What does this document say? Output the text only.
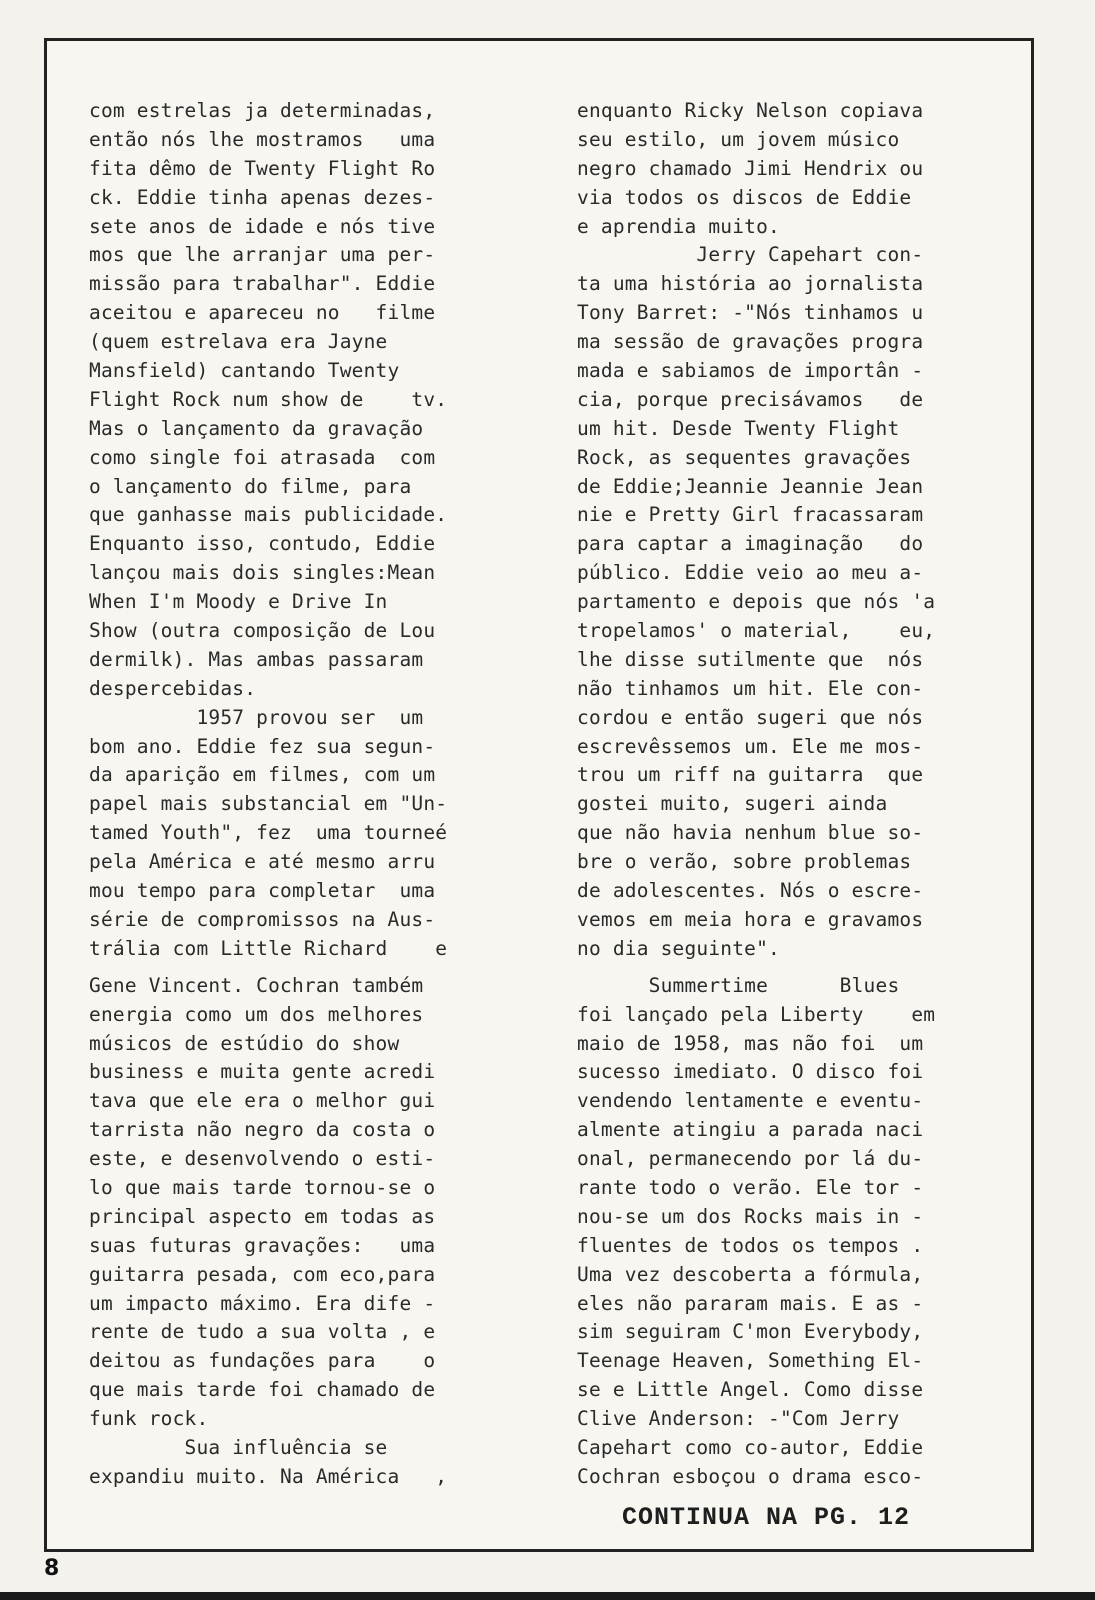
com estrelas ja determinadas,
então nós lhe mostramos   uma
fita dêmo de Twenty Flight Ro
ck. Eddie tinha apenas dezes-
sete anos de idade e nós tive
mos que lhe arranjar uma per-
missão para trabalhar". Eddie
aceitou e apareceu no   filme
(quem estrelava era Jayne
Mansfield) cantando Twenty
Flight Rock num show de    tv.
Mas o lançamento da gravação
como single foi atrasada  com
o lançamento do filme, para
que ganhasse mais publicidade.
Enquanto isso, contudo, Eddie
lançou mais dois singles:Mean
When I'm Moody e Drive In
Show (outra composição de Lou
dermilk). Mas ambas passaram
despercebidas.
1957 provou ser  um
bom ano. Eddie fez sua segun-
da aparição em filmes, com um
papel mais substancial em "Un-
tamed Youth", fez  uma tourneé
pela América e até mesmo arru
mou tempo para completar  uma
série de compromissos na Aus-
trália com Little Richard    e
Gene Vincent. Cochran também
energia como um dos melhores
músicos de estúdio do show
business e muita gente acredi
tava que ele era o melhor gui
tarrista não negro da costa o
este, e desenvolvendo o esti-
lo que mais tarde tornou-se o
principal aspecto em todas as
suas futuras gravações:   uma
guitarra pesada, com eco,para
um impacto máximo. Era dife -
rente de tudo a sua volta , e
deitou as fundações para    o
que mais tarde foi chamado de
funk rock.
Sua influência se
expandiu muito. Na América   ,
enquanto Ricky Nelson copiava
seu estilo, um jovem músico
negro chamado Jimi Hendrix ou
via todos os discos de Eddie
e aprendia muito.
Jerry Capehart con-
ta uma história ao jornalista
Tony Barret: -"Nós tinhamos u
ma sessão de gravações progra
mada e sabiamos de importân -
cia, porque precisávamos   de
um hit. Desde Twenty Flight
Rock, as sequentes gravações
de Eddie;Jeannie Jeannie Jean
nie e Pretty Girl fracassaram
para captar a imaginação   do
público. Eddie veio ao meu a-
partamento e depois que nós 'a
tropelamos' o material,    eu,
lhe disse sutilmente que  nós
não tinhamos um hit. Ele con-
cordou e então sugeri que nós
escrevêssemos um. Ele me mos-
trou um riff na guitarra  que
gostei muito, sugeri ainda
que não havia nenhum blue so-
bre o verão, sobre problemas
de adolescentes. Nós o escre-
vemos em meia hora e gravamos
no dia seguinte".
Summertime      Blues
foi lançado pela Liberty    em
maio de 1958, mas não foi  um
sucesso imediato. O disco foi
vendendo lentamente e eventu-
almente atingiu a parada naci
onal, permanecendo por lá du-
rante todo o verão. Ele tor -
nou-se um dos Rocks mais in -
fluentes de todos os tempos .
Uma vez descoberta a fórmula,
eles não pararam mais. E as -
sim seguiram C'mon Everybody,
Teenage Heaven, Something El-
se e Little Angel. Como disse
Clive Anderson: -"Com Jerry
Capehart como co-autor, Eddie
Cochran esboçou o drama esco-
CONTINUA NA PG. 12
8
